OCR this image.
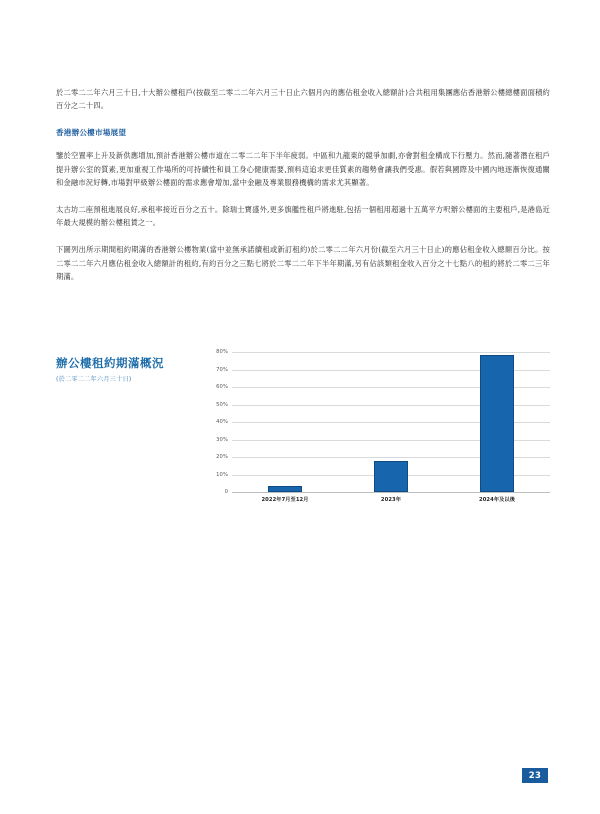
於二零二二年六月三十日,十大辦公樓租戶(按截至二零二二年六月三十日止六個月內的應佔租金收入總額計)合共租用集團應佔香港辦公樓總樓面面積約百分之二十四。

香港辦公樓市場展望

鑒於空置率上升及新供應增加,預計香港辦公樓市道在二零二二年下半年疲弱。中區和九龍東的競爭加劇,亦會對租金構成下行壓力。然而,隨著潛在租戶提升辦公室的質素,更加重視工作場所的可持續性和員工身心健康需要,預料這追求更佳質素的趨勢會讓我們受惠。假若與國際及中國內地逐漸恢復通關和金融市況好轉,市場對甲級辦公樓面的需求應會增加,當中金融及專業服務機構的需求尤其顯著。

太古坊二座預租進展良好,承租率接近百分之五十。除瑞士寶盛外,更多旗艦性租戶將進駐,包括一個租用超過十五萬平方呎辦公樓面的主要租戶,是港島近年最大規模的辦公樓租賃之一。

下圖列出所示期間租約期滿的香港辦公樓物業(當中並無承諾續租或新訂租約)於二零二二年六月份(截至六月三十日止)的應佔租金收入總額百分比。按二零二二年六月應佔租金收入總額計的租約,有約百分之三點七將於二零二二年下半年期滿,另有佔該類租金收入百分之十七點八的租約將於二零二三年期滿。

辦公樓租約期滿概況

(於二零二二年六月三十日)

80%
70%
60%
50%
40%
30%
20%
10%
0
2022年7月至12月	2023年	2024年及以後
23
